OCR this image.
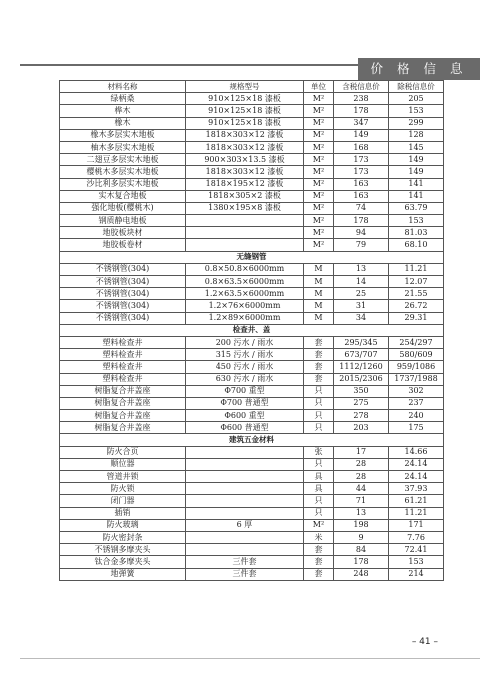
价 格 信 息
材料名称	规格型号	单位	含税信息价	除税信息价
绿柄桑	910×125×18 漆板	M²	238	205
桦木	910×125×18 漆板	M²	178	153
橡木	910×125×18 漆板	M²	347	299
橡木多层实木地板	1818×303×12 漆板	M²	149	128
柚木多层实木地板	1818×303×12 漆板	M²	168	145
二翅豆多层实木地板	900×303×13.5 漆板	M²	173	149
樱桃木多层实木地板	1818×303×12 漆板	M²	173	149
沙比利多层实木地板	1818×195×12 漆板	M²	163	141
实木复合地板	1818×305×2 漆板	M²	163	141
强化地板(樱桃木)	1380×195×8 漆板	M²	74	63.79
钢质静电地板		M²	178	153
地胶板块材		M²	94	81.03
地胶板卷材		M²	79	68.10
无缝钢管				
不锈钢管(304)	0.8×50.8×6000mm	M	13	11.21
不锈钢管(304)	0.8×63.5×6000mm	M	14	12.07
不锈钢管(304)	1.2×63.5×6000mm	M	25	21.55
不锈钢管(304)	1.2×76×6000mm	M	31	26.72
不锈钢管(304)	1.2×89×6000mm	M	34	29.31
检查井、盖				
塑料检查井	200 污水 / 雨水	套	295/345	254/297
塑料检查井	315 污水 / 雨水	套	673/707	580/609
塑料检查井	450 污水 / 雨水	套	1112/1260	959/1086
塑料检查井	630 污水 / 雨水	套	2015/2306	1737/1988
树脂复合井盖座	Φ700 重型	只	350	302
树脂复合井盖座	Φ700 普通型	只	275	237
树脂复合井盖座	Φ600 重型	只	278	240
树脂复合井盖座	Φ600 普通型	只	203	175
建筑五金材料				
防火合页		张	17	14.66
顺位器		只	28	24.14
管道井锁		具	28	24.14
防火锁		具	44	37.93
闭门器		只	71	61.21
插销		只	13	11.21
防火玻璃	6 厚	M²	198	171
防火密封条		米	9	7.76
不锈钢多摩夹头		套	84	72.41
钛合金多摩夹头	三件套	套	178	153
地弹簧	三件套	套	248	214
– 41 –
